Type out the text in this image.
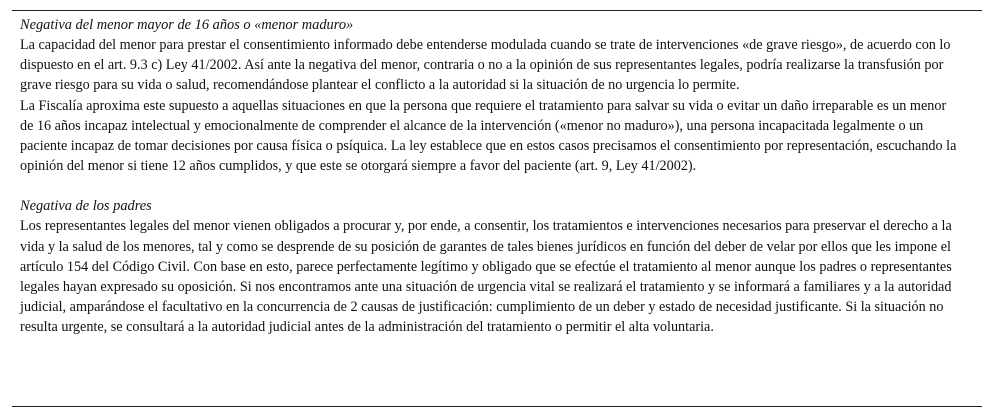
Negativa del menor mayor de 16 años o «menor maduro»

La capacidad del menor para prestar el consentimiento informado debe entenderse modulada cuando se trate de intervenciones «de grave riesgo», de acuerdo con lo dispuesto en el art. 9.3 c) Ley 41/2002. Así ante la negativa del menor, contraria o no a la opinión de sus representantes legales, podría realizarse la transfusión por grave riesgo para su vida o salud, recomendándose plantear el conflicto a la autoridad si la situación de no urgencia lo permite.

La Fiscalía aproxima este supuesto a aquellas situaciones en que la persona que requiere el tratamiento para salvar su vida o evitar un daño irreparable es un menor de 16 años incapaz intelectual y emocionalmente de comprender el alcance de la intervención («menor no maduro»), una persona incapacitada legalmente o un paciente incapaz de tomar decisiones por causa física o psíquica. La ley establece que en estos casos precisamos el consentimiento por representación, escuchando la opinión del menor si tiene 12 años cumplidos, y que este se otorgará siempre a favor del paciente (art. 9, Ley 41/2002).

Negativa de los padres

Los representantes legales del menor vienen obligados a procurar y, por ende, a consentir, los tratamientos e intervenciones necesarios para preservar el derecho a la vida y la salud de los menores, tal y como se desprende de su posición de garantes de tales bienes jurídicos en función del deber de velar por ellos que les impone el artículo 154 del Código Civil. Con base en esto, parece perfectamente legítimo y obligado que se efectúe el tratamiento al menor aunque los padres o representantes legales hayan expresado su oposición. Si nos encontramos ante una situación de urgencia vital se realizará el tratamiento y se informará a familiares y a la autoridad judicial, amparándose el facultativo en la concurrencia de 2 causas de justificación: cumplimiento de un deber y estado de necesidad justificante. Si la situación no resulta urgente, se consultará a la autoridad judicial antes de la administración del tratamiento o permitir el alta voluntaria.
